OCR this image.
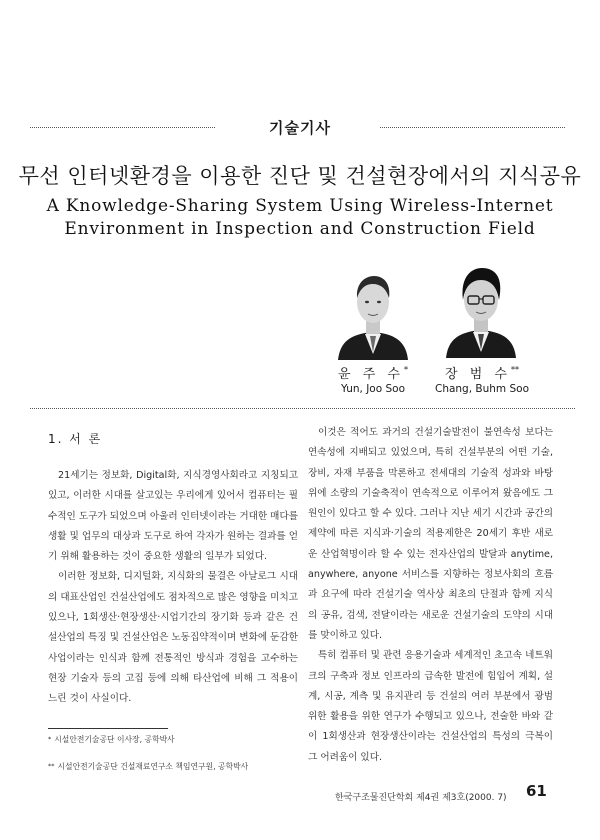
기술기사
무선 인터넷환경을 이용한 진단 및 건설현장에서의 지식공유
A Knowledge-Sharing System Using Wireless-Internet
Environment in Inspection and Construction Field
윤 주 수*	장 범 수**
Yun, Joo Soo	Chang, Buhm Soo
1. 서 론

21세기는 정보화, Digital화, 지식경영사회라고 지칭되고 있고, 이러한 시대를 살고있는 우리에게 있어서 컴퓨터는 필수적인 도구가 되었으며 아울러 인터넷이라는 거대한 매다를 생활 및 업무의 대상과 도구로 하여 각자가 원하는 결과를 얻기 위해 활용하는 것이 중요한 생활의 일부가 되었다.

이러한 정보화, 디지털화, 지식화의 물결은 아날로그 시대의 대표산업인 건설산업에도 점차적으로 많은 영향을 미치고 있으나, 1회생산·현장생산·시업기간의 장기화 등과 같은 건설산업의 특징 및 건설산업은 노동집약적이며 변화에 둔감한 사업이라는 인식과 함께 전통적인 방식과 경험을 고수하는 현장 기술자 등의 고집 등에 의해 타산업에 비해 그 적용이 느린 것이 사실이다.

이것은 적어도 과거의 건설기술발전이 불연속성 보다는 연속성에 지배되고 있었으며, 특히 건설부분의 어떤 기술, 장비, 자재 부품을 막론하고 전세대의 기술적 성과와 바탕 위에 소량의 기술축적이 연속적으로 이루어져 왔음에도 그 원인이 있다고 할 수 있다. 그러나 지난 세기 시간과 공간의 제약에 따른 지식과·기술의 적용제한은 20세기 후반 새로운 산업혁명이라 할 수 있는 전자산업의 발달과 anytime, anywhere, anyone 서비스를 지향하는 정보사회의 흐름과 요구에 따라 건설기술 역사상 최초의 단절과 함께 지식의 공유, 검색, 전달이라는 새로운 건설기술의 도약의 시대를 맞이하고 있다.

특히 컴퓨터 및 관련 응용기술과 세계적인 초고속 네트워크의 구축과 정보 인프라의 급속한 발전에 힘입어 계획, 설계, 시공, 계측 및 유지관리 등 건설의 여러 부분에서 광범위한 활용을 위한 연구가 수행되고 있으나, 전술한 바와 같이 1회생산과 현장생산이라는 건설산업의 특성의 극복이 그 어려움이 있다.

* 시설안전기술공단 이사장, 공학박사
** 시설안전기술공단 건설재료연구소 책임연구원, 공학박사
한국구조물진단학회 제4권 제3호(2000. 7) 61
